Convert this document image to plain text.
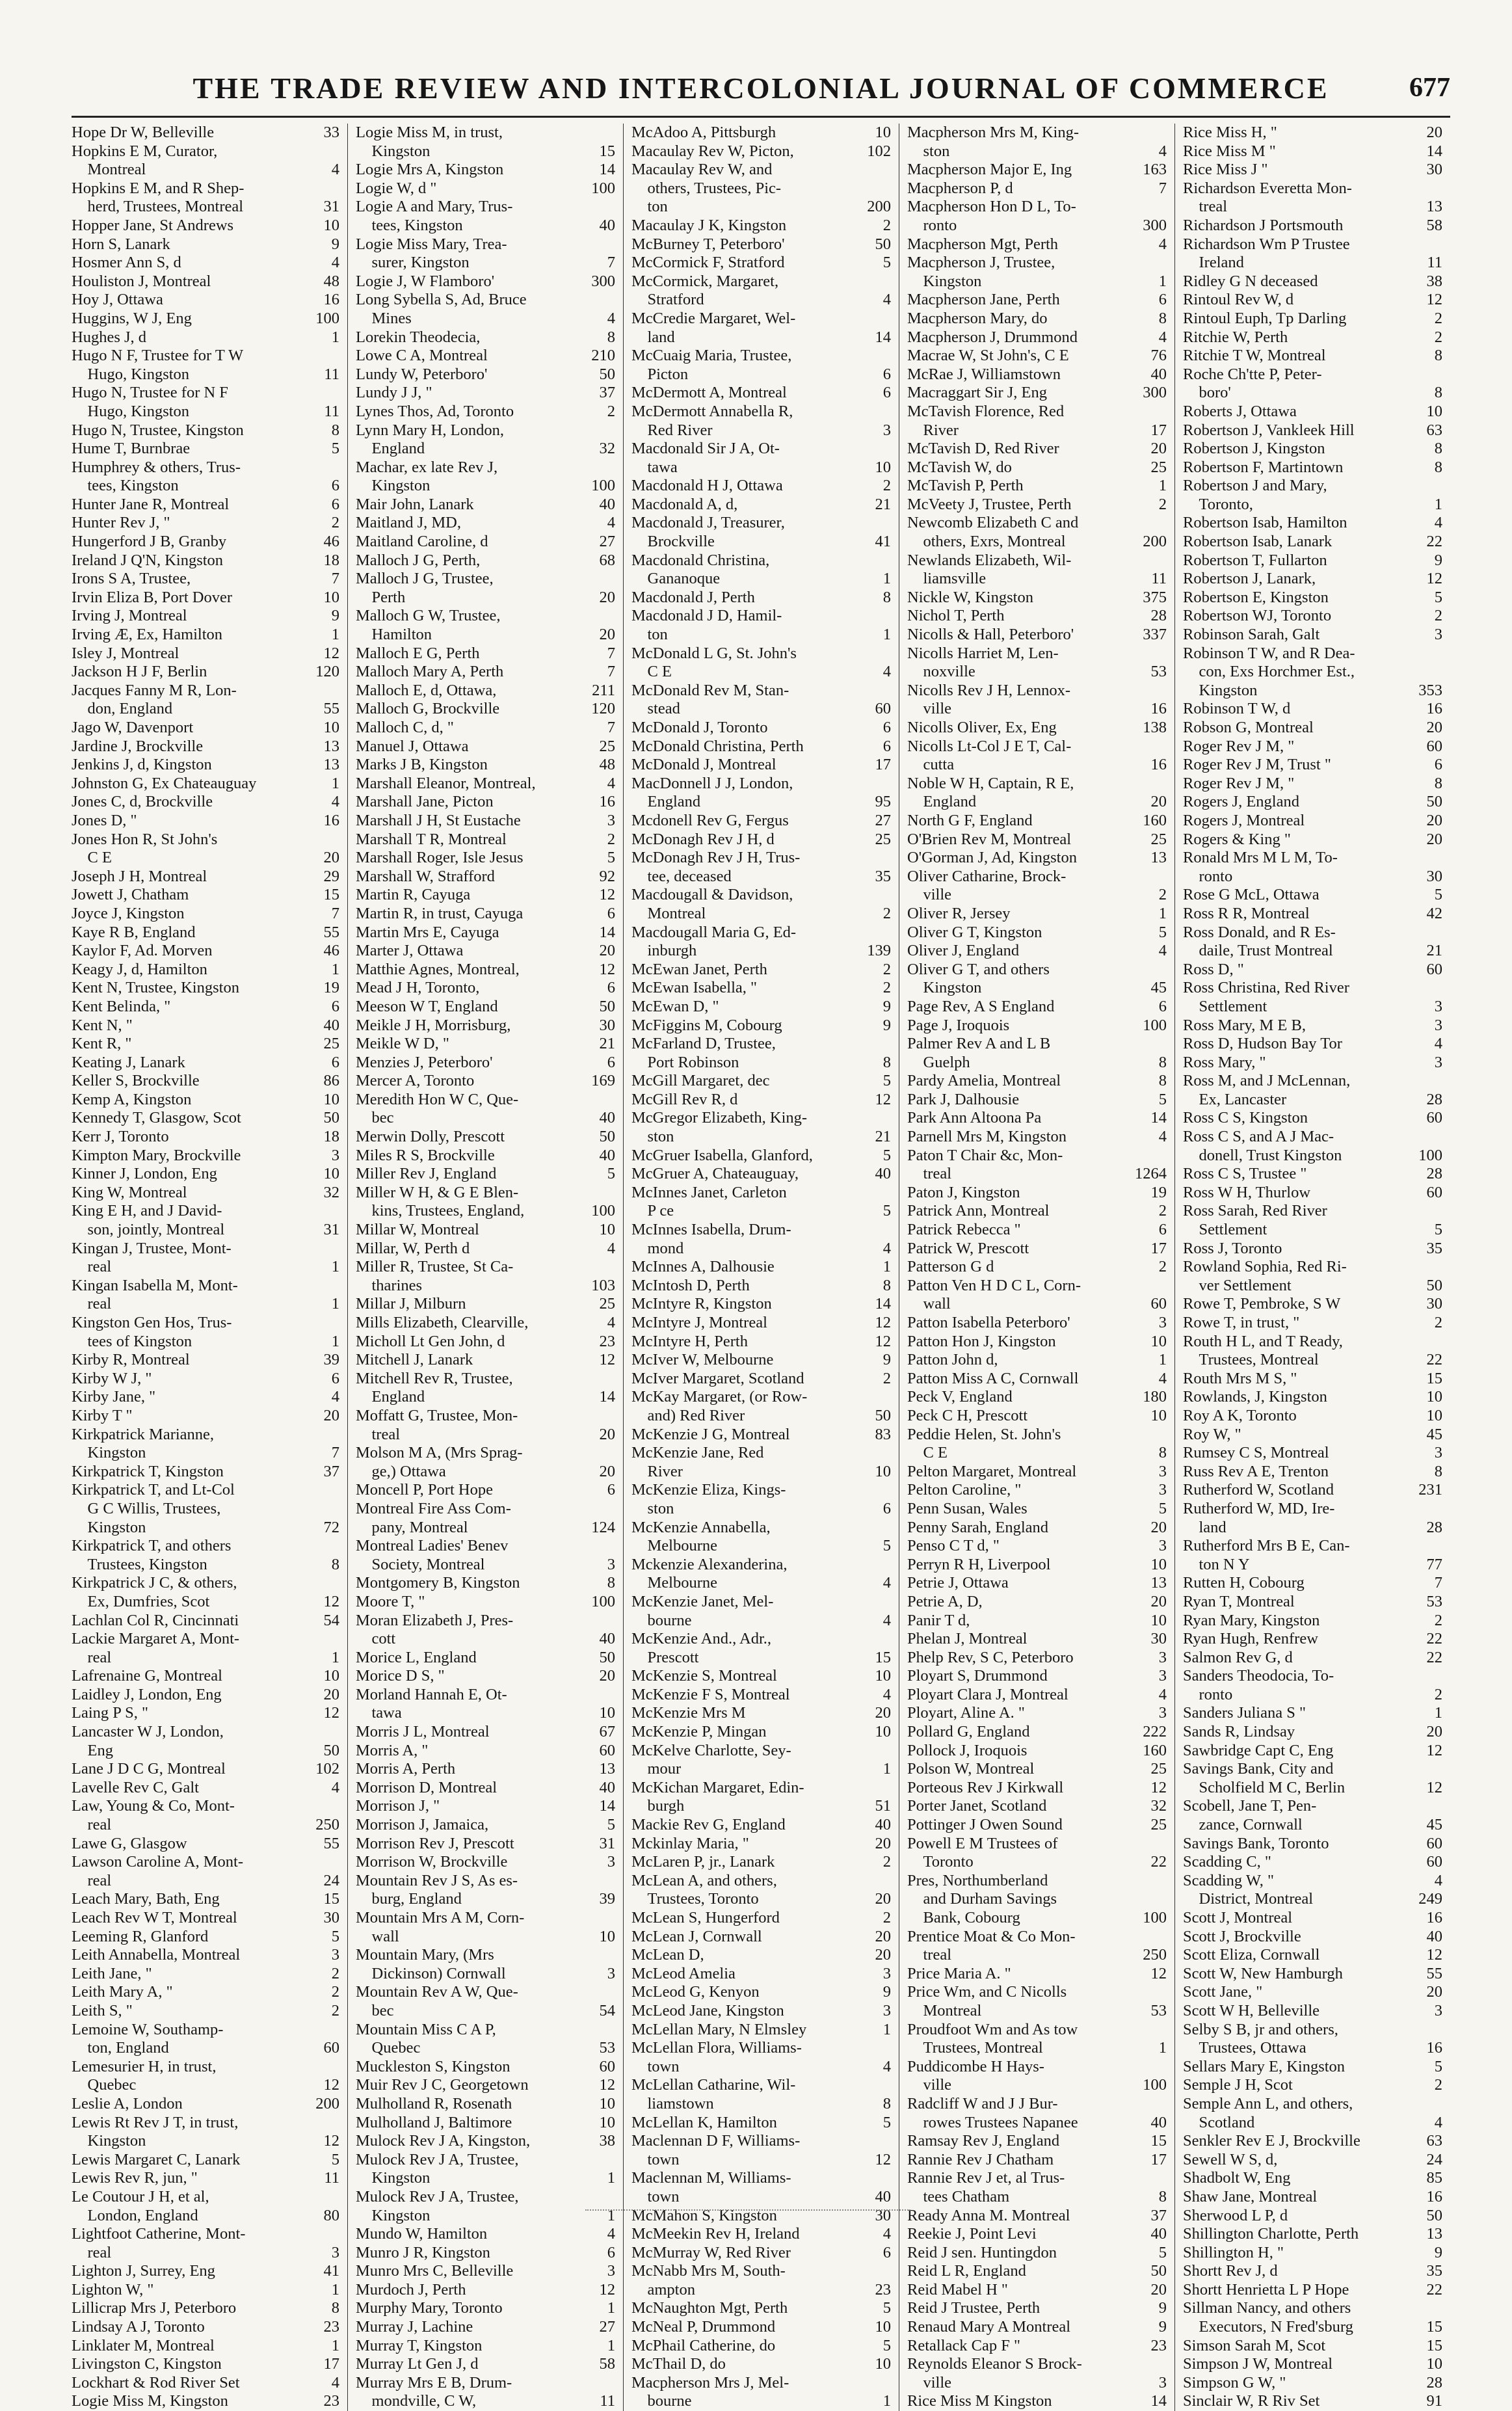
THE TRADE REVIEW AND INTERCOLONIAL JOURNAL OF COMMERCE	677
Hope Dr W, Belleville	33
Hopkins E M, Curator,
 Montreal	4
Hopkins E M, and R Shep-
 herd, Trustees, Montreal	31
Hopper Jane, St Andrews	10
Horn S, Lanark	9
Hosmer Ann S, d	4
Houliston J, Montreal	48
Hoy J, Ottawa	16
Huggins, W J, Eng	100
Hughes J, d	1
Hugo N F, Trustee for T W
 Hugo, Kingston	11
Hugo N, Trustee for N F
 Hugo, Kingston	11
Hugo N, Trustee, Kingston	8
Hume T, Burnbrae	5
Humphrey & others, Trus-
 tees, Kingston	6
Hunter Jane R, Montreal	6
Hunter Rev J, "	2
Hungerford J B, Granby	46
Ireland J Q'N, Kingston	18
Irons S A, Trustee,	7
Irvin Eliza B, Port Dover	10
Irving J, Montreal	9
Irving Æ, Ex, Hamilton	1
Isley J, Montreal	12
Jackson H J F, Berlin	120
Jacques Fanny M R, Lon-
 don, England	55
Jago W, Davenport	10
Jardine J, Brockville	13
Jenkins J, d, Kingston	13
Johnston G, Ex Chateauguay	1
Jones C, d, Brockville	4
Jones D, "	16
Jones Hon R, St John's
 C E	20
Joseph J H, Montreal	29
Jowett J, Chatham	15
Joyce J, Kingston	7
Kaye R B, England	55
Kaylor F, Ad. Morven	46
Keagy J, d, Hamilton	1
Kent N, Trustee, Kingston	19
Kent Belinda, "	6
Kent N, "	40
Kent R, "	25
Keating J, Lanark	6
Keller S, Brockville	86
Kemp A, Kingston	10
Kennedy T, Glasgow, Scot	50
Kerr J, Toronto	18
Kimpton Mary, Brockville	3
Kinner J, London, Eng	10
King W, Montreal	32
King E H, and J David-
 son, jointly, Montreal	31
Kingan J, Trustee, Mont-
 real	1
Kingan Isabella M, Mont-
 real	1
Kingston Gen Hos, Trus-
 tees of Kingston	1
Kirby R, Montreal	39
Kirby W J, "	6
Kirby Jane, "	4
Kirby T "	20
Kirkpatrick Marianne,
 Kingston	7
Kirkpatrick T, Kingston	37
Kirkpatrick T, and Lt-Col
 G C Willis, Trustees,
 Kingston	72
Kirkpatrick T, and others
 Trustees, Kingston	8
Kirkpatrick J C, & others,
 Ex, Dumfries, Scot	12
Lachlan Col R, Cincinnati	54
Lackie Margaret A, Mont-
 real	1
Lafrenaine G, Montreal	10
Laidley J, London, Eng	20
Laing P S, "	12
Lancaster W J, London,
 Eng	50
Lane J D C G, Montreal	102
Lavelle Rev C, Galt	4
Law, Young & Co, Mont-
 real	250
Lawe G, Glasgow	55
Lawson Caroline A, Mont-
 real	24
Leach Mary, Bath, Eng	15
Leach Rev W T, Montreal	30
Leeming R, Glanford	5
Leith Annabella, Montreal	3
Leith Jane, "	2
Leith Mary A, "	2
Leith S, "	2
Lemoine W, Southamp-
 ton, England	60
Lemesurier H, in trust,
 Quebec	12
Leslie A, London	200
Lewis Rt Rev J T, in trust,
 Kingston	12
Lewis Margaret C, Lanark	5
Lewis Rev R, jun, "	11
Le Coutour J H, et al,
 London, England	80
Lightfoot Catherine, Mont-
 real	3
Lighton J, Surrey, Eng	41
Lighton W, "	1
Lillicrap Mrs J, Peterboro	8
Lindsay A J, Toronto	23
Linklater M, Montreal	1
Livingston C, Kingston	17
Lockhart & Rod River Set	4
Logie Miss M, Kingston	23
Logie Miss M, in trust,
 Kingston	15
Logie Mrs A, Kingston	14
Logie W, d "	100
Logie A and Mary, Trus-
 tees, Kingston	40
Logie Miss Mary, Trea-
 surer, Kingston	7
Logie J, W Flamboro'	300
Long Sybella S, Ad, Bruce
 Mines	4
Lorekin Theodecia,	8
Lowe C A, Montreal	210
Lundy W, Peterboro'	50
Lundy J J, "	37
Lynes Thos, Ad, Toronto	2
Lynn Mary H, London,
 England	32
Machar, ex late Rev J,
 Kingston	100
Mair John, Lanark	40
Maitland J, MD,	4
Maitland Caroline, d	27
Malloch J G, Perth,	68
Malloch J G, Trustee,
 Perth	20
Malloch G W, Trustee,
 Hamilton	20
Malloch E G, Perth	7
Malloch Mary A, Perth	7
Malloch E, d, Ottawa,	211
Malloch G, Brockville	120
Malloch C, d, "	7
Manuel J, Ottawa	25
Marks J B, Kingston	48
Marshall Eleanor, Montreal,	4
Marshall Jane, Picton	16
Marshall J H, St Eustache	3
Marshall T R, Montreal	2
Marshall Roger, Isle Jesus	5
Marshall W, Strafford	92
Martin R, Cayuga	12
Martin R, in trust, Cayuga	6
Martin Mrs E, Cayuga	14
Marter J, Ottawa	20
Matthie Agnes, Montreal,	12
Mead J H, Toronto,	6
Meeson W T, England	50
Meikle J H, Morrisburg,	30
Meikle W D, "	21
Menzies J, Peterboro'	6
Mercer A, Toronto	169
Meredith Hon W C, Que-
 bec	40
Merwin Dolly, Prescott	50
Miles R S, Brockville	40
Miller Rev J, England	5
Miller W H, & G E Blen-
 kins, Trustees, England,	100
Millar W, Montreal	10
Millar, W, Perth d	4
Miller R, Trustee, St Ca-
 tharines	103
Millar J, Milburn	25
Mills Elizabeth, Clearville,	4
Micholl Lt Gen John, d	23
Mitchell J, Lanark	12
Mitchell Rev R, Trustee,
 England	14
Moffatt G, Trustee, Mon-
 treal	20
Molson M A, (Mrs Sprag-
 ge,) Ottawa	20
Moncell P, Port Hope	6
Montreal Fire Ass Com-
 pany, Montreal	124
Montreal Ladies' Benev
 Society, Montreal	3
Montgomery B, Kingston	8
Moore T, "	100
Moran Elizabeth J, Pres-
 cott	40
Morice L, England	50
Morice D S, "	20
Morland Hannah E, Ot-
 tawa	10
Morris J L, Montreal	67
Morris A, "	60
Morris A, Perth	13
Morrison D, Montreal	40
Morrison J, "	14
Morrison J, Jamaica,	5
Morrison Rev J, Prescott	31
Morrison W, Brockville	3
Mountain Rev J S, As es-
 burg, England	39
Mountain Mrs A M, Corn-
 wall	10
Mountain Mary, (Mrs
 Dickinson) Cornwall	3
Mountain Rev A W, Que-
 bec	54
Mountain Miss C A P,
 Quebec	53
Muckleston S, Kingston	60
Muir Rev J C, Georgetown	12
Mulholland R, Rosenath	10
Mulholland J, Baltimore	10
Mulock Rev J A, Kingston,	38
Mulock Rev J A, Trustee,
 Kingston	1
Mulock Rev J A, Trustee,
 Kingston	1
Mundo W, Hamilton	4
Munro J R, Kingston	6
Munro Mrs C, Belleville	3
Murdoch J, Perth	12
Murphy Mary, Toronto	1
Murray J, Lachine	27
Murray T, Kingston	1
Murray Lt Gen J, d	58
Murray Mrs E B, Drum-
 mondville, C W,	11
McAdoo A, Pittsburgh	10
Macaulay Rev W, Picton,	102
Macaulay Rev W, and
 others, Trustees, Pic-
 ton	200
Macaulay J K, Kingston	2
McBurney T, Peterboro'	50
McCormick F, Stratford	5
McCormick, Margaret,
 Stratford	4
McCredie Margaret, Wel-
 land	14
McCuaig Maria, Trustee,
 Picton	6
McDermott A, Montreal	6
McDermott Annabella R,
 Red River	3
Macdonald Sir J A, Ot-
 tawa	10
Macdonald H J, Ottawa	2
Macdonald A, d,	21
Macdonald J, Treasurer,
 Brockville	41
Macdonald Christina,
 Gananoque	1
Macdonald J, Perth	8
Macdonald J D, Hamil-
 ton	1
McDonald L G, St. John's
 C E	4
McDonald Rev M, Stan-
 stead	60
McDonald J, Toronto	6
McDonald Christina, Perth	6
McDonald J, Montreal	17
MacDonnell J J, London,
 England	95
Mcdonell Rev G, Fergus	27
McDonagh Rev J H, d	25
McDonagh Rev J H, Trus-
 tee, deceased	35
Macdougall & Davidson,
 Montreal	2
Macdougall Maria G, Ed-
 inburgh	139
McEwan Janet, Perth	2
McEwan Isabella, "	2
McEwan D, "	9
McFiggins M, Cobourg	9
McFarland D, Trustee,
 Port Robinson	8
McGill Margaret, dec	5
McGill Rev R, d	12
McGregor Elizabeth, King-
 ston	21
McGruer Isabella, Glanford,	5
McGruer A, Chateauguay,	40
McInnes Janet, Carleton
 P ce	5
McInnes Isabella, Drum-
 mond	4
McInnes A, Dalhousie	1
McIntosh D, Perth	8
McIntyre R, Kingston	14
McIntyre J, Montreal	12
McIntyre H, Perth	12
McIver W, Melbourne	9
McIver Margaret, Scotland	2
McKay Margaret, (or Row-
 and) Red River	50
McKenzie J G, Montreal	83
McKenzie Jane, Red
 River	10
McKenzie Eliza, Kings-
 ston	6
McKenzie Annabella,
 Melbourne	5
Mckenzie Alexanderina,
 Melbourne	4
McKenzie Janet, Mel-
 bourne	4
McKenzie And., Adr.,
 Prescott	15
McKenzie S, Montreal	10
McKenzie F S, Montreal	4
McKenzie Mrs M	20
McKenzie P, Mingan	10
McKelve Charlotte, Sey-
 mour	1
McKichan Margaret, Edin-
 burgh	51
Mackie Rev G, England	40
Mckinlay Maria, "	20
McLaren P, jr., Lanark	2
McLean A, and others,
 Trustees, Toronto	20
McLean S, Hungerford	2
McLean J, Cornwall	20
McLean D,	20
McLeod Amelia	3
McLeod G, Kenyon	9
McLeod Jane, Kingston	3
McLellan Mary, N Elmsley	1
McLellan Flora, Williams-
 town	4
McLellan Catharine, Wil-
 liamstown	8
McLellan K, Hamilton	5
Maclennan D F, Williams-
 town	12
Maclennan M, Williams-
 town	40
McMahon S, Kingston	30
McMeekin Rev H, Ireland	4
McMurray W, Red River	6
McNabb Mrs M, South-
 ampton	23
McNaughton Mgt, Perth	5
McNeal P, Drummond	10
McPhail Catherine, do	5
McThail D, do	10
Macpherson Mrs J, Mel-
 bourne	1
Macpherson Mrs M, King-
 ston	4
Macpherson Major E, Ing	163
Macpherson P, d	7
Macpherson Hon D L, To-
 ronto	300
Macpherson Mgt, Perth	4
Macpherson J, Trustee,
 Kingston	1
Macpherson Jane, Perth	6
Macpherson Mary, do	8
Macpherson J, Drummond	4
Macrae W, St John's, C E	76
McRae J, Williamstown	40
Macraggart Sir J, Eng	300
McTavish Florence, Red
 River	17
McTavish D, Red River	20
McTavish W, do	25
McTavish P, Perth	1
McVeety J, Trustee, Perth	2
Newcomb Elizabeth C and
 others, Exrs, Montreal	200
Newlands Elizabeth, Wil-
 liamsville	11
Nickle W, Kingston	375
Nichol T, Perth	28
Nicolls & Hall, Peterboro'	337
Nicolls Harriet M, Len-
 noxville	53
Nicolls Rev J H, Lennox-
 ville	16
Nicolls Oliver, Ex, Eng	138
Nicolls Lt-Col J E T, Cal-
 cutta	16
Noble W H, Captain, R E,
 England	20
North G F, England	160
O'Brien Rev M, Montreal	25
O'Gorman J, Ad, Kingston	13
Oliver Catharine, Brock-
 ville	2
Oliver R, Jersey	1
Oliver G T, Kingston	5
Oliver J, England	4
Oliver G T, and others
 Kingston	45
Page Rev, A S England	6
Page J, Iroquois	100
Palmer Rev A and L B
 Guelph	8
Pardy Amelia, Montreal	8
Park J, Dalhousie	5
Park Ann Altoona Pa	14
Parnell Mrs M, Kingston	4
Paton T Chair &c, Mon-
 treal	1264
Paton J, Kingston	19
Patrick Ann, Montreal	2
Patrick Rebecca "	6
Patrick W, Prescott	17
Patterson G d	2
Patton Ven H D C L, Corn-
 wall	60
Patton Isabella Peterboro'	3
Patton Hon J, Kingston	10
Patton John d,	1
Patton Miss A C, Cornwall	4
Peck V, England	180
Peck C H, Prescott	10
Peddie Helen, St. John's
 C E	8
Pelton Margaret, Montreal	3
Pelton Caroline, "	3
Penn Susan, Wales	5
Penny Sarah, England	20
Penso C T d, "	3
Perryn R H, Liverpool	10
Petrie J, Ottawa	13
Petrie A, D,	20
Panir T d,	10
Phelan J, Montreal	30
Phelp Rev, S C, Peterboro	3
Ployart S, Drummond	3
Ployart Clara J, Montreal	4
Ployart, Aline A. "	3
Pollard G, England	222
Pollock J, Iroquois	160
Polson W, Montreal	25
Porteous Rev J Kirkwall	12
Porter Janet, Scotland	32
Pottinger J Owen Sound	25
Powell E M Trustees of
 Toronto	22
Pres, Northumberland
 and Durham Savings
 Bank, Cobourg	100
Prentice Moat & Co Mon-
 treal	250
Price Maria A. "	12
Price Wm, and C Nicolls
 Montreal	53
Proudfoot Wm and As tow
 Trustees, Montreal	1
Puddicombe H Hays-
 ville	100
Radcliff W and J J Bur-
 rowes Trustees Napanee	40
Ramsay Rev J, England	15
Rannie Rev J Chatham	17
Rannie Rev J et, al Trus-
 tees Chatham	8
Ready Anna M. Montreal	37
Reekie J, Point Levi	40
Reid J sen. Huntingdon	5
Reid L R, England	50
Reid Mabel H "	20
Reid J Trustee, Perth	9
Renaud Mary A Montreal	9
Retallack Cap F "	23
Reynolds Eleanor S Brock-
 ville	3
Rice Miss M Kingston	14
Rice Miss H, "	20
Rice Miss M "	14
Rice Miss J "	30
Richardson Everetta Mon-
 treal	13
Richardson J Portsmouth	58
Richardson Wm P Trustee
 Ireland	11
Ridley G N deceased	38
Rintoul Rev W, d	12
Rintoul Euph, Tp Darling	2
Ritchie W, Perth	2
Ritchie T W, Montreal	8
Roche Ch'tte P, Peter-
 boro'	8
Roberts J, Ottawa	10
Robertson J, Vankleek Hill	63
Robertson J, Kingston	8
Robertson F, Martintown	8
Robertson J and Mary,
 Toronto,	1
Robertson Isab, Hamilton	4
Robertson Isab, Lanark	22
Robertson T, Fullarton	9
Robertson J, Lanark,	12
Robertson E, Kingston	5
Robertson WJ, Toronto	2
Robinson Sarah, Galt	3
Robinson T W, and R Dea-
 con, Exs Horchmer Est.,
 Kingston	353
Robinson T W, d	16
Robson G, Montreal	20
Roger Rev J M, "	60
Roger Rev J M, Trust "	6
Roger Rev J M, "	8
Rogers J, England	50
Rogers J, Montreal	20
Rogers & King "	20
Ronald Mrs M L M, To-
 ronto	30
Rose G McL, Ottawa	5
Ross R R, Montreal	42
Ross Donald, and R Es-
 daile, Trust Montreal	21
Ross D, "	60
Ross Christina, Red River
 Settlement	3
Ross Mary, M E B,	3
Ross D, Hudson Bay Tor	4
Ross Mary, "	3
Ross M, and J McLennan,
 Ex, Lancaster	28
Ross C S, Kingston	60
Ross C S, and A J Mac-
 donell, Trust Kingston	100
Ross C S, Trustee "	28
Ross W H, Thurlow	60
Ross Sarah, Red River
 Settlement	5
Ross J, Toronto	35
Rowland Sophia, Red Ri-
 ver Settlement	50
Rowe T, Pembroke, S W	30
Rowe T, in trust, "	2
Routh H L, and T Ready,
 Trustees, Montreal	22
Routh Mrs M S, "	15
Rowlands, J, Kingston	10
Roy A K, Toronto	10
Roy W, "	45
Rumsey C S, Montreal	3
Russ Rev A E, Trenton	8
Rutherford W, Scotland	231
Rutherford W, MD, Ire-
 land	28
Rutherford Mrs B E, Can-
 ton N Y	77
Rutten H, Cobourg	7
Ryan T, Montreal	53
Ryan Mary, Kingston	2
Ryan Hugh, Renfrew	22
Salmon Rev G, d	22
Sanders Theodocia, To-
 ronto	2
Sanders Juliana S "	1
Sands R, Lindsay	20
Sawbridge Capt C, Eng	12
Savings Bank, City and
 Scholfield M C, Berlin	12
Scobell, Jane T, Pen-
 zance, Cornwall	45
Savings Bank, Toronto	60
Scadding C, "	60
Scadding W, "	4
 District, Montreal	249
Scott J, Montreal	16
Scott J, Brockville	40
Scott Eliza, Cornwall	12
Scott W, New Hamburgh	55
Scott Jane, "	20
Scott W H, Belleville	3
Selby S B, jr and others,
 Trustees, Ottawa	16
Sellars Mary E, Kingston	5
Semple J H, Scot	2
Semple Ann L, and others,
 Scotland	4
Senkler Rev E J, Brockville	63
Sewell W S, d,	24
Shadbolt W, Eng	85
Shaw Jane, Montreal	16
Sherwood L P, d	50
Shillington Charlotte, Perth	13
Shillington H, "	9
Shortt Rev J, d	35
Shortt Henrietta L P Hope	22
Sillman Nancy, and others
 Executors, N Fred'sburg	15
Simson Sarah M, Scot	15
Simpson J W, Montreal	10
Simpson G W, "	28
Sinclair W, R Riv Set	91
